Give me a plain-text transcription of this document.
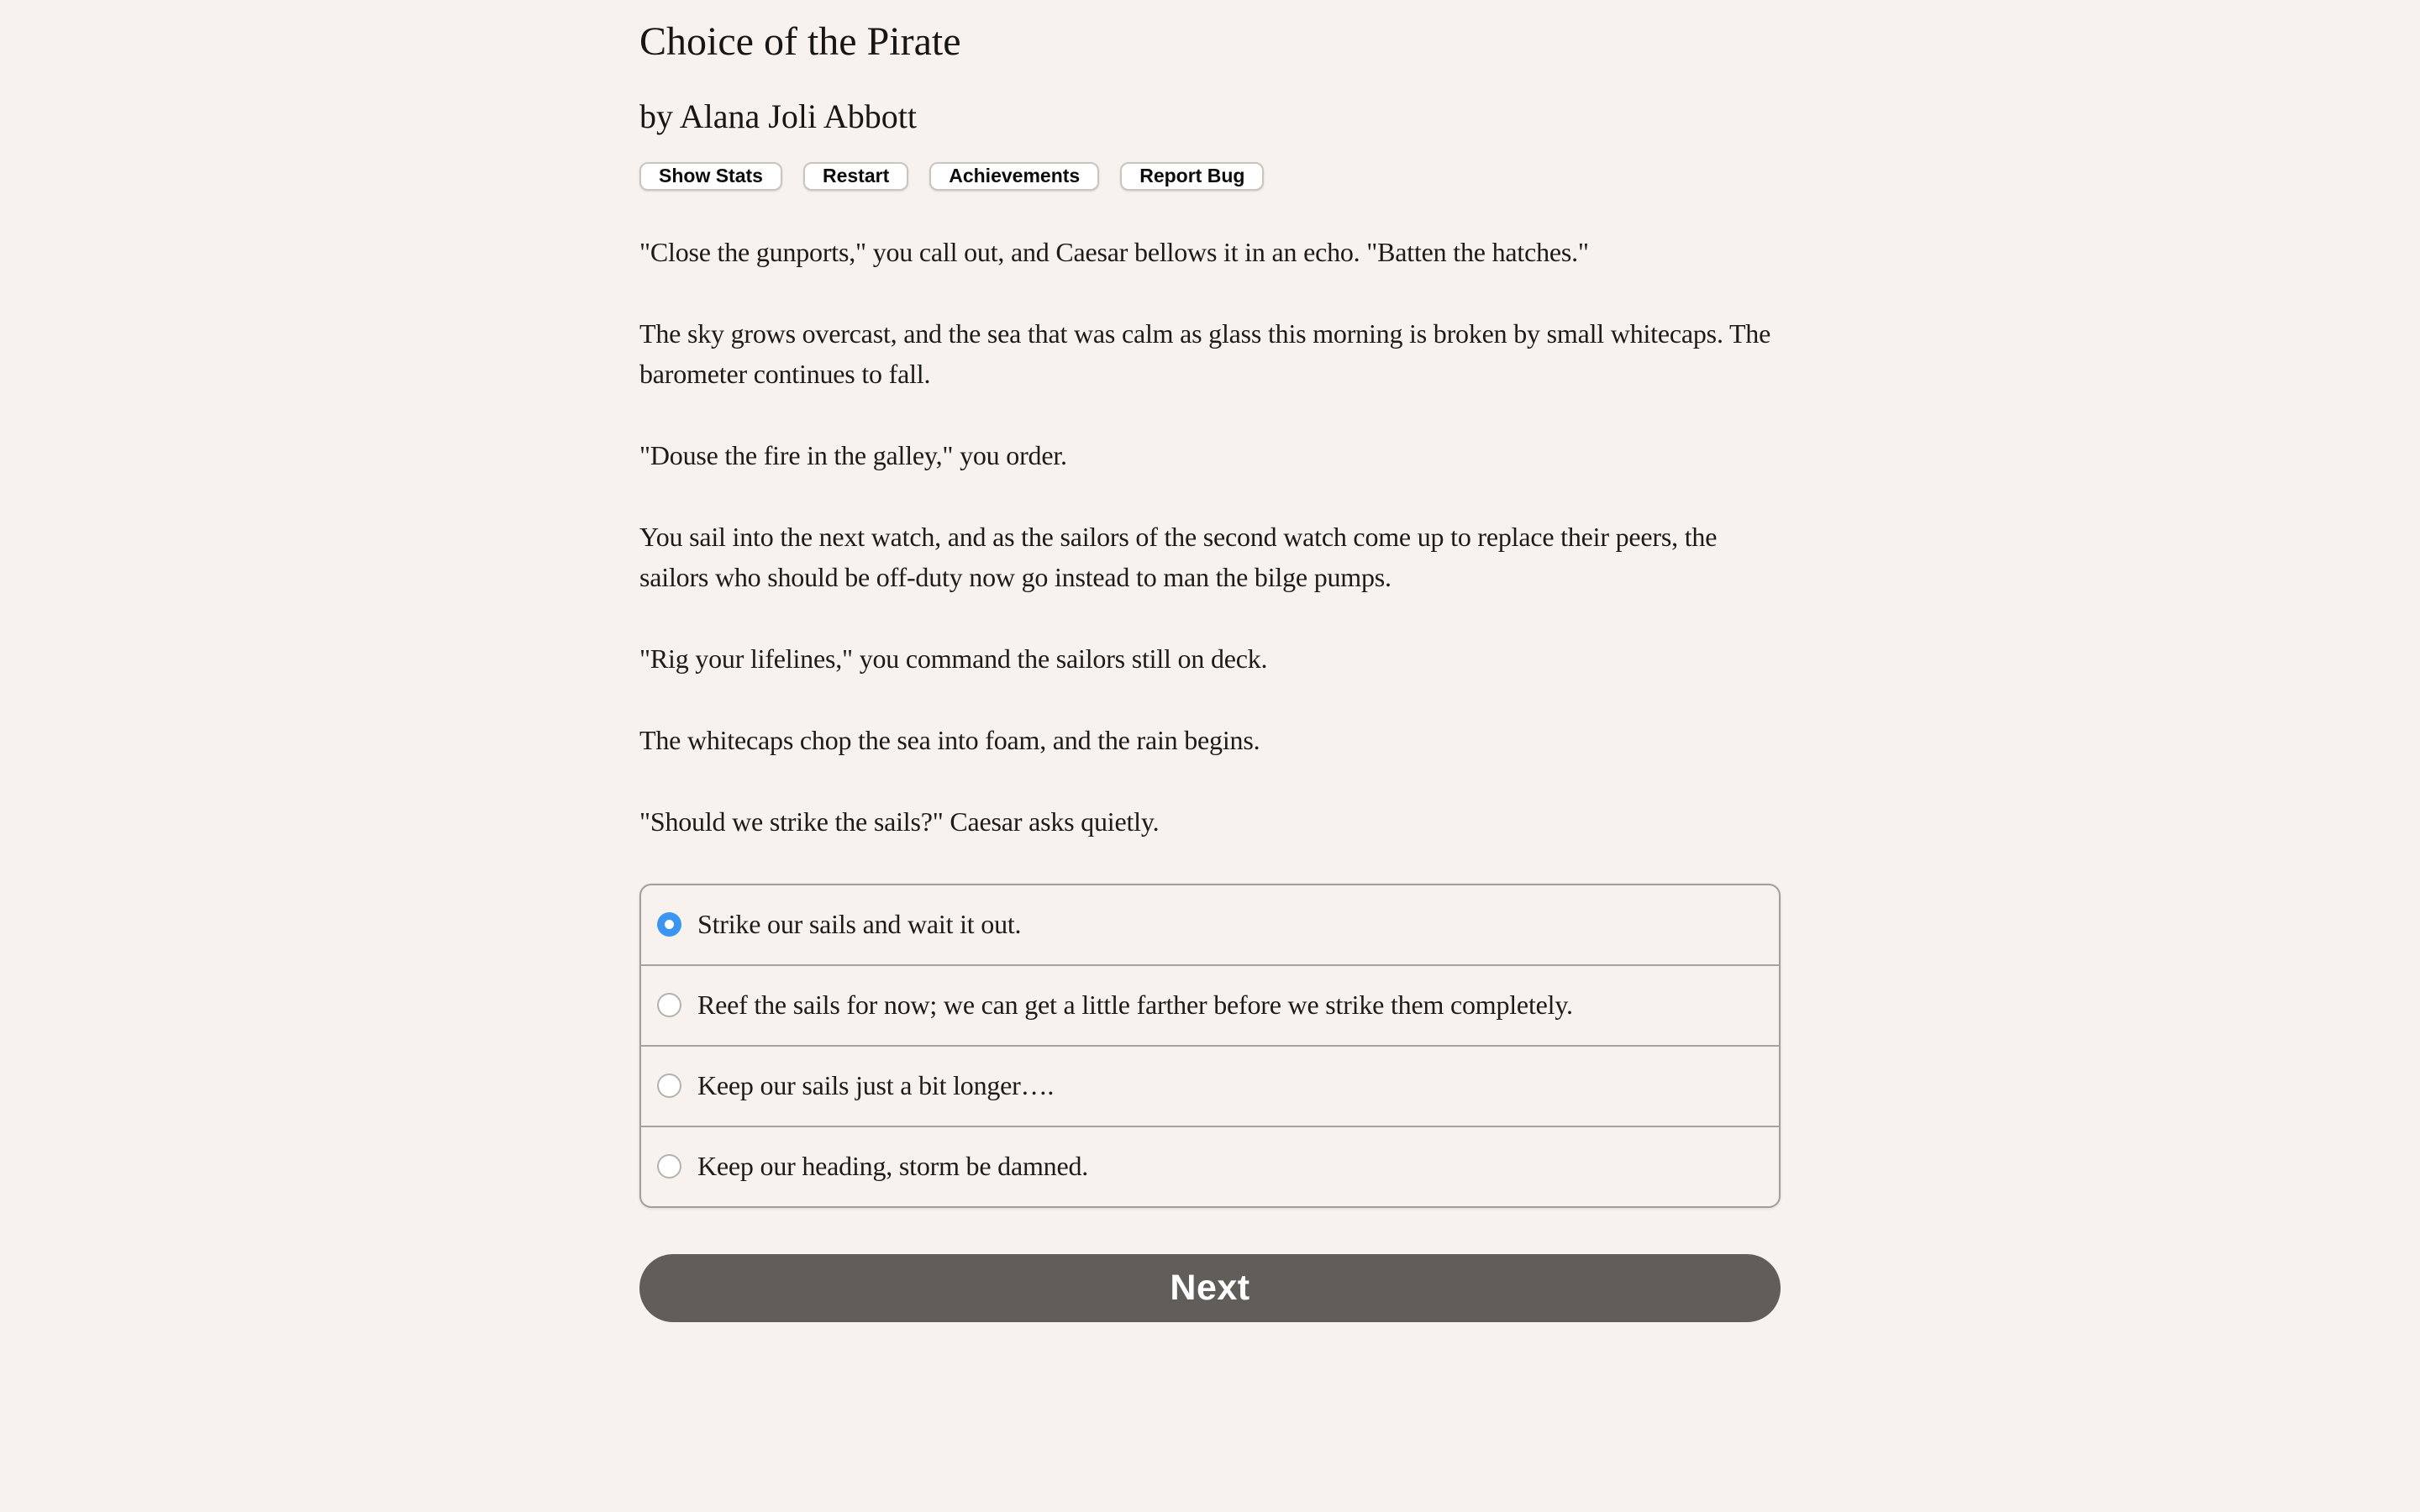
Choice of the Pirate
by Alana Joli Abbott
Show Stats	Restart	Achievements	Report Bug

"Close the gunports," you call out, and Caesar bellows it in an echo. "Batten the hatches."

The sky grows overcast, and the sea that was calm as glass this morning is broken by small whitecaps. The barometer continues to fall.

"Douse the fire in the galley," you order.

You sail into the next watch, and as the sailors of the second watch come up to replace their peers, the sailors who should be off-duty now go instead to man the bilge pumps.

"Rig your lifelines," you command the sailors still on deck.

The whitecaps chop the sea into foam, and the rain begins.

"Should we strike the sails?" Caesar asks quietly.

Strike our sails and wait it out.
Reef the sails for now; we can get a little farther before we strike them completely.
Keep our sails just a bit longer….
Keep our heading, storm be damned.
Next
